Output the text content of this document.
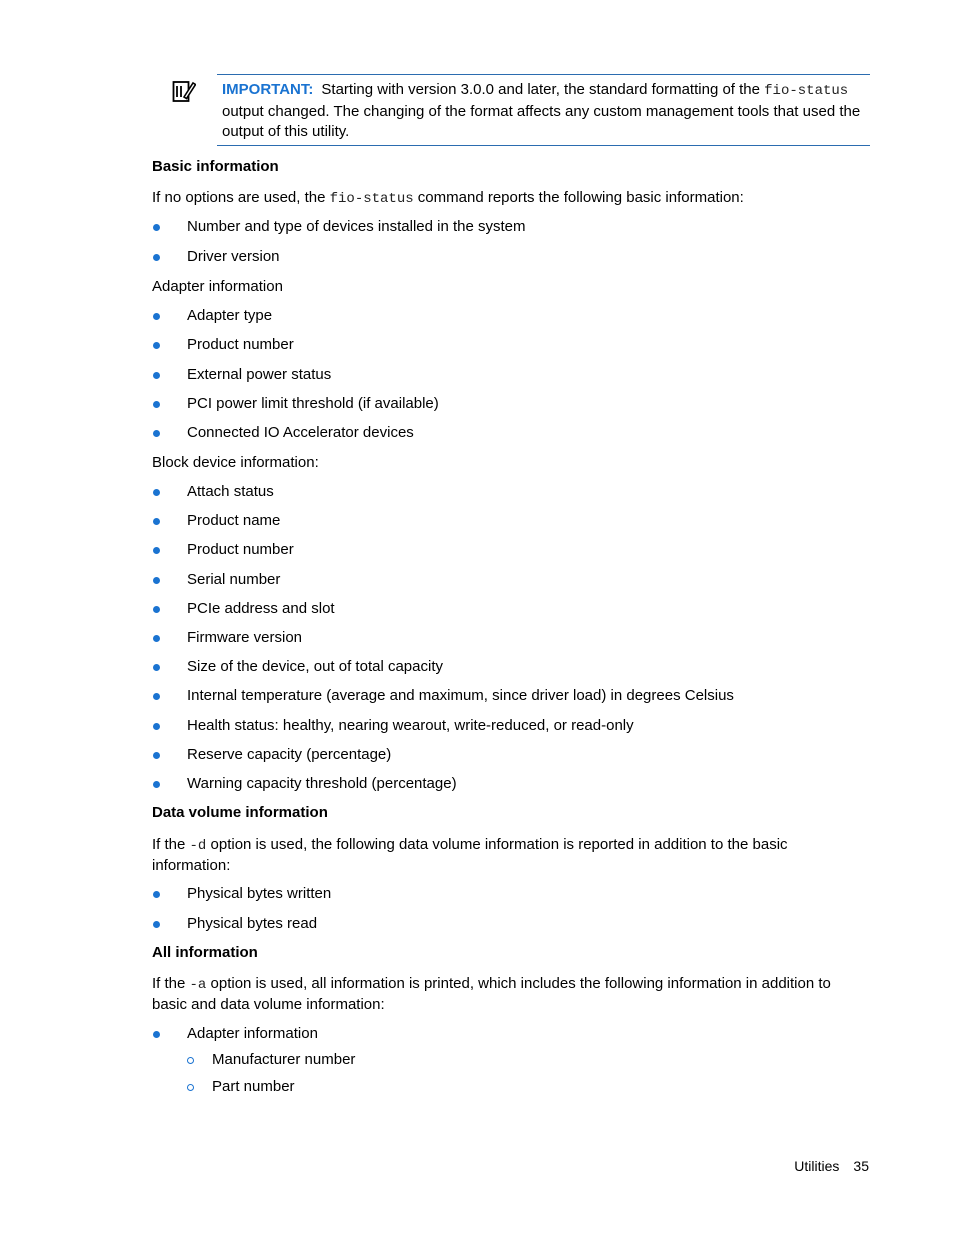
IMPORTANT: Starting with version 3.0.0 and later, the standard formatting of the fio-status output changed. The changing of the format affects any custom management tools that used the output of this utility.
Basic information
If no options are used, the fio-status command reports the following basic information:
Number and type of devices installed in the system
Driver version
Adapter information
Adapter type
Product number
External power status
PCI power limit threshold (if available)
Connected IO Accelerator devices
Block device information:
Attach status
Product name
Product number
Serial number
PCIe address and slot
Firmware version
Size of the device, out of total capacity
Internal temperature (average and maximum, since driver load) in degrees Celsius
Health status: healthy, nearing wearout, write-reduced, or read-only
Reserve capacity (percentage)
Warning capacity threshold (percentage)
Data volume information
If the -d option is used, the following data volume information is reported in addition to the basic information:
Physical bytes written
Physical bytes read
All information
If the -a option is used, all information is printed, which includes the following information in addition to basic and data volume information:
Adapter information
Manufacturer number
Part number
Utilities 35
